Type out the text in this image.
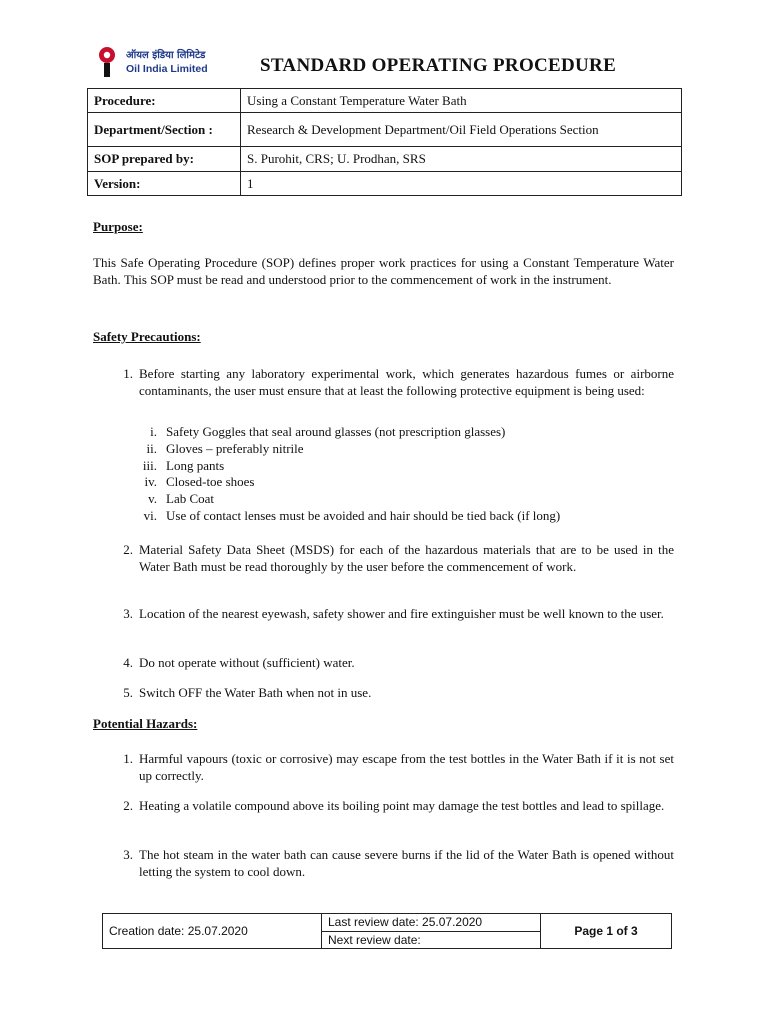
ऑयल इंडिया लिमिटेड
Oil India Limited	STANDARD OPERATING PROCEDURE
Procedure:	Using a Constant Temperature Water Bath
Department/Section :	Research & Development Department/Oil Field Operations Section
SOP prepared by:	S. Purohit, CRS; U. Prodhan, SRS
Version:	1
Purpose:
This Safe Operating Procedure (SOP) defines proper work practices for using a Constant Temperature Water Bath. This SOP must be read and understood prior to the commencement of work in the instrument.
Safety Precautions:
1. Before starting any laboratory experimental work, which generates hazardous fumes or airborne contaminants, the user must ensure that at least the following protective equipment is being used:
i. Safety Goggles that seal around glasses (not prescription glasses)
ii. Gloves – preferably nitrile
iii. Long pants
iv. Closed-toe shoes
v. Lab Coat
vi. Use of contact lenses must be avoided and hair should be tied back (if long)
2. Material Safety Data Sheet (MSDS) for each of the hazardous materials that are to be used in the Water Bath must be read thoroughly by the user before the commencement of work.
3. Location of the nearest eyewash, safety shower and fire extinguisher must be well known to the user.
4. Do not operate without (sufficient) water.
5. Switch OFF the Water Bath when not in use.
Potential Hazards:
1. Harmful vapours (toxic or corrosive) may escape from the test bottles in the Water Bath if it is not set up correctly.
2. Heating a volatile compound above its boiling point may damage the test bottles and lead to spillage.
3. The hot steam in the water bath can cause severe burns if the lid of the Water Bath is opened without letting the system to cool down.
Creation date: 25.07.2020	Last review date: 25.07.2020	Page 1 of 3
Next review date:
